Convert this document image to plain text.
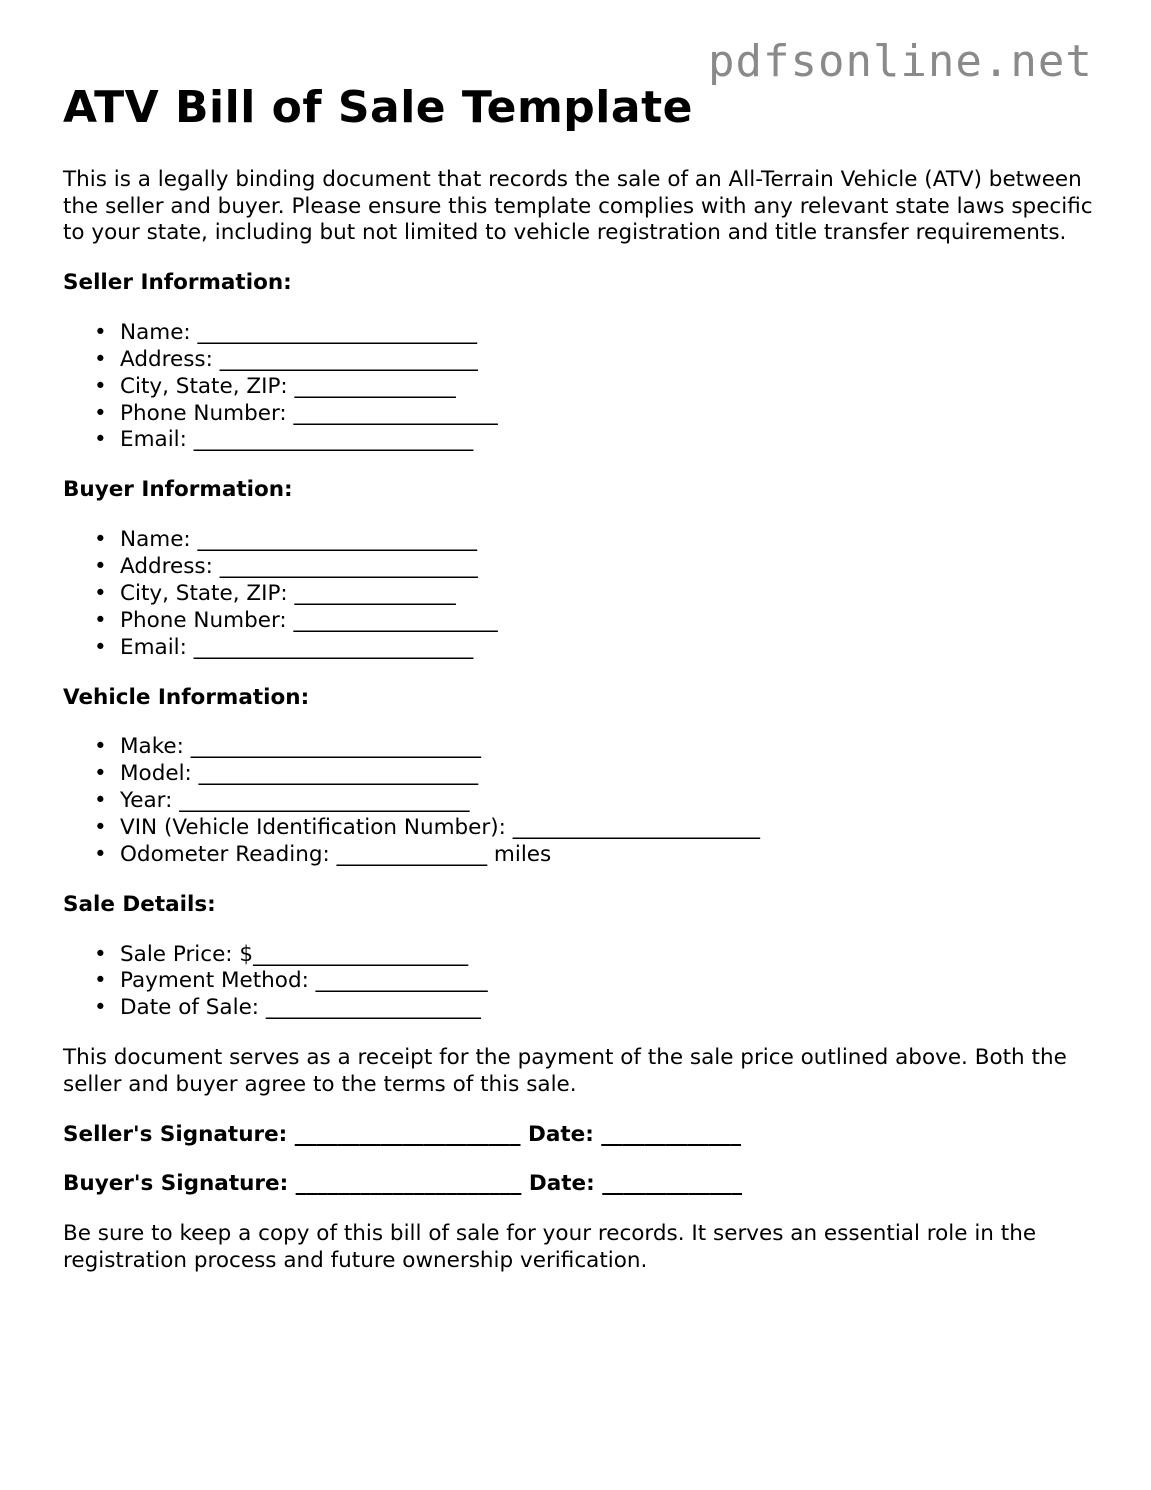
pdfsonline.net
ATV Bill of Sale Template

This is a legally binding document that records the sale of an All-Terrain Vehicle (ATV) between the seller and buyer. Please ensure this template complies with any relevant state laws specific to your state, including but not limited to vehicle registration and title transfer requirements.

Seller Information:
• Name: __________________________
• Address: ________________________
• City, State, ZIP: _______________
• Phone Number: ___________________
• Email: __________________________
Buyer Information:
• Name: __________________________
• Address: ________________________
• City, State, ZIP: _______________
• Phone Number: ___________________
• Email: __________________________
Vehicle Information:
• Make: ___________________________
• Model: __________________________
• Year: ___________________________
• VIN (Vehicle Identification Number): _______________________
• Odometer Reading: ______________ miles
Sale Details:
• Sale Price: $____________________
• Payment Method: ________________
• Date of Sale: ____________________

This document serves as a receipt for the payment of the sale price outlined above. Both the seller and buyer agree to the terms of this sale.

Seller's Signature: _____________________ Date: _____________
Buyer's Signature: _____________________ Date: _____________

Be sure to keep a copy of this bill of sale for your records. It serves an essential role in the registration process and future ownership verification.
